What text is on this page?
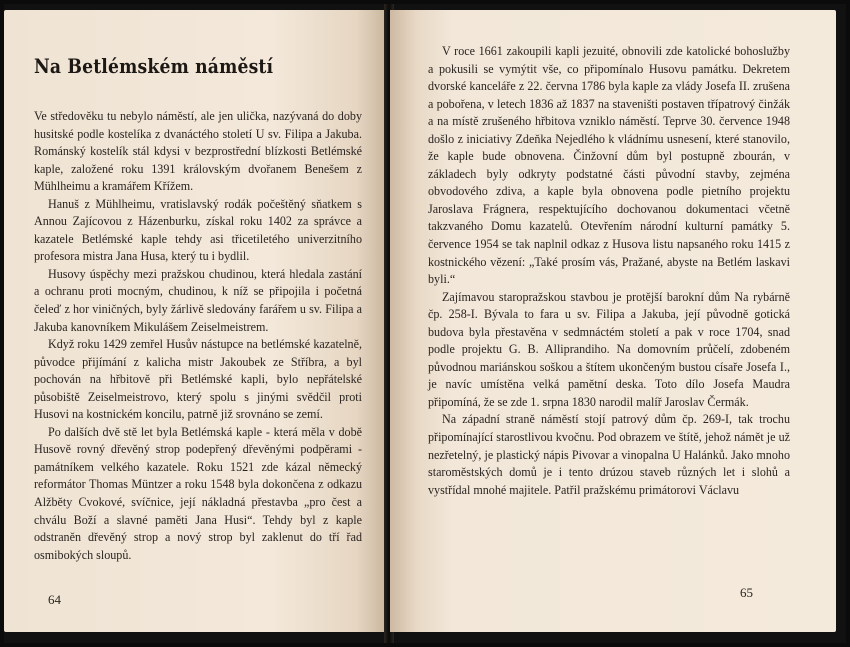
Na Betlémském náměstí

Ve středověku tu nebylo náměstí, ale jen ulička, nazývaná do doby husitské podle kostelíka z dvanáctého století U sv. Filipa a Jakuba. Románský kostelík stál kdysi v bezprostřední blízkosti Betlémské kaple, založené roku 1391 královským dvořanem Benešem z Mühlheimu a kramářem Křížem.

Hanuš z Mühlheimu, vratislavský rodák počeštěný sňatkem s Annou Zajícovou z Házenburku, získal roku 1402 za správce a kazatele Betlémské kaple tehdy asi třicetiletého univerzitního profesora mistra Jana Husa, který tu i bydlil.

Husovy úspěchy mezi pražskou chudinou, která hledala zastání a ochranu proti mocným, chudinou, k níž se připojila i početná čeleď z hor viničných, byly žárlivě sledovány farářem u sv. Filipa a Jakuba kanovníkem Mikulášem Zeiselmeistrem.

Když roku 1429 zemřel Husův nástupce na betlémské kazatelně, původce přijímání z kalicha mistr Jakoubek ze Stříbra, a byl pochován na hřbitově při Betlémské kapli, bylo nepřátelské působiště Zeiselmeistrovo, který spolu s jinými svědčil proti Husovi na kostnickém koncilu, patrně již srovnáno se zemí.

Po dalších dvě stě let byla Betlémská kaple - která měla v době Husově rovný dřevěný strop podepřený dřevěnými podpěrami - památníkem velkého kazatele. Roku 1521 zde kázal německý reformátor Thomas Müntzer a roku 1548 byla dokončena z odkazu Alžběty Cvokové, svíčnice, její nákladná přestavba „pro čest a chválu Boží a slavné paměti Jana Husi“. Tehdy byl z kaple odstraněn dřevěný strop a nový strop byl zaklenut do tří řad osmibokých sloupů.

64

V roce 1661 zakoupili kapli jezuité, obnovili zde katolické bohoslužby a pokusili se vymýtit vše, co připomínalo Husovu památku. Dekretem dvorské kanceláře z 22. června 1786 byla kaple za vlády Josefa II. zrušena a pobořena, v letech 1836 až 1837 na staveništi postaven třípatrový činžák a na místě zrušeného hřbitova vzniklo náměstí. Teprve 30. července 1948 došlo z iniciativy Zdeňka Nejedlého k vládnímu usnesení, které stanovilo, že kaple bude obnovena. Činžovní dům byl postupně zbourán, v základech byly odkryty podstatné části původní stavby, zejména obvodového zdiva, a kaple byla obnovena podle pietního projektu Jaroslava Frágnera, respektujícího dochovanou dokumentaci včetně takzvaného Domu kazatelů. Otevřením národní kulturní památky 5. července 1954 se tak naplnil odkaz z Husova listu napsaného roku 1415 z kostnického vězení: „Také prosím vás, Pražané, abyste na Betlém laskavi byli.“

Zajímavou staropražskou stavbou je protější barokní dům Na rybárně čp. 258-I. Bývala to fara u sv. Filipa a Jakuba, její původně gotická budova byla přestavěna v sedmnáctém století a pak v roce 1704, snad podle projektu G. B. Alliprandiho. Na domovním průčelí, zdobeném původnou mariánskou soškou a štítem ukončeným bustou císaře Josefa I., je navíc umístěna velká pamětní deska. Toto dílo Josefa Maudra připomíná, že se zde 1. srpna 1830 narodil malíř Jaroslav Čermák.

Na západní straně náměstí stojí patrový dům čp. 269-I, tak trochu připomínající starostlivou kvočnu. Pod obrazem ve štítě, jehož námět je už nezřetelný, je plastický nápis Pivovar a vinopalna U Halánků. Jako mnoho staroměstských domů je i tento drúzou staveb různých let i slohů a vystřídal mnohé majitele. Patřil pražskému primátorovi Václavu

65
